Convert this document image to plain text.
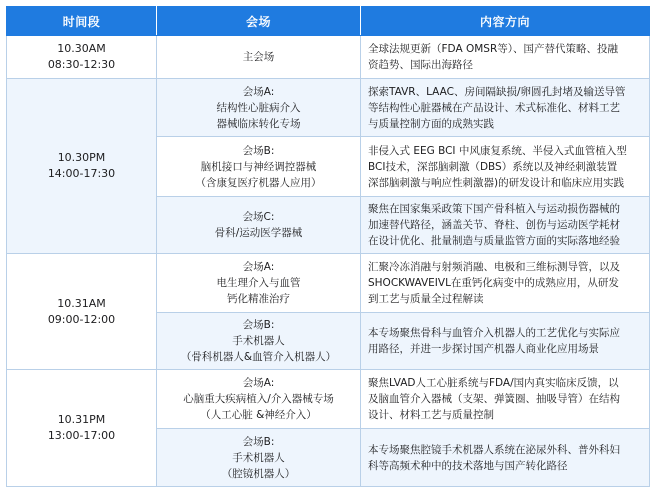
时间段	会场	内容方向

10.30AM
08:30-12:30	主会场	全球法规更新（FDA OMSR等）、国产替代策略、投融
资趋势、国际出海路径

10.30PM
14:00-17:30	会场A:
结构性心脏病介入
器械临床转化专场	探索TAVR、LAAC、房间隔缺损/卵圆孔封堵及输送导管
等结构性心脏器械在产品设计、术式标准化、材料工艺
与质量控制方面的成熟实践

	会场B:
脑机接口与神经调控器械
（含康复医疗机器人应用）	非侵入式 EEG BCI 中风康复系统、半侵入式血管植入型
BCI技术，深部脑刺激（DBS）系统以及神经刺激装置
深部脑刺激与响应性刺激器)的研发设计和临床应用实践

	会场C:
骨科/运动医学器械	聚焦在国家集采政策下国产骨科植入与运动损伤器械的
加速替代路径，涵盖关节、脊柱、创伤与运动医学耗材
在设计优化、批量制造与质量监管方面的实际落地经验

10.31AM
09:00-12:00	会场A:
电生理介入与血管
钙化精准治疗	汇聚冷冻消融与射频消融、电极和三维标测导管，以及
SHOCKWAVEIVL在重钙化病变中的成熟应用，从研发
到工艺与质量全过程解读

	会场B:
手术机器人
（骨科机器人&血管介入机器人）	本专场聚焦骨科与血管介入机器人的工艺优化与实际应
用路径，并进一步探讨国产机器人商业化应用场景

10.31PM
13:00-17:00	会场A:
心脑重大疾病植入/介入器械专场
（人工心脏 &神经介入）	聚焦LVAD人工心脏系统与FDA/国内真实临床反馈，以
及脑血管介入器械（支架、弹簧圈、抽吸导管）在结构
设计、材料工艺与质量控制

	会场B:
手术机器人
（腔镜机器人）	本专场聚焦腔镜手术机器人系统在泌尿外科、普外科妇
科等高频术种中的技术落地与国产转化路径
